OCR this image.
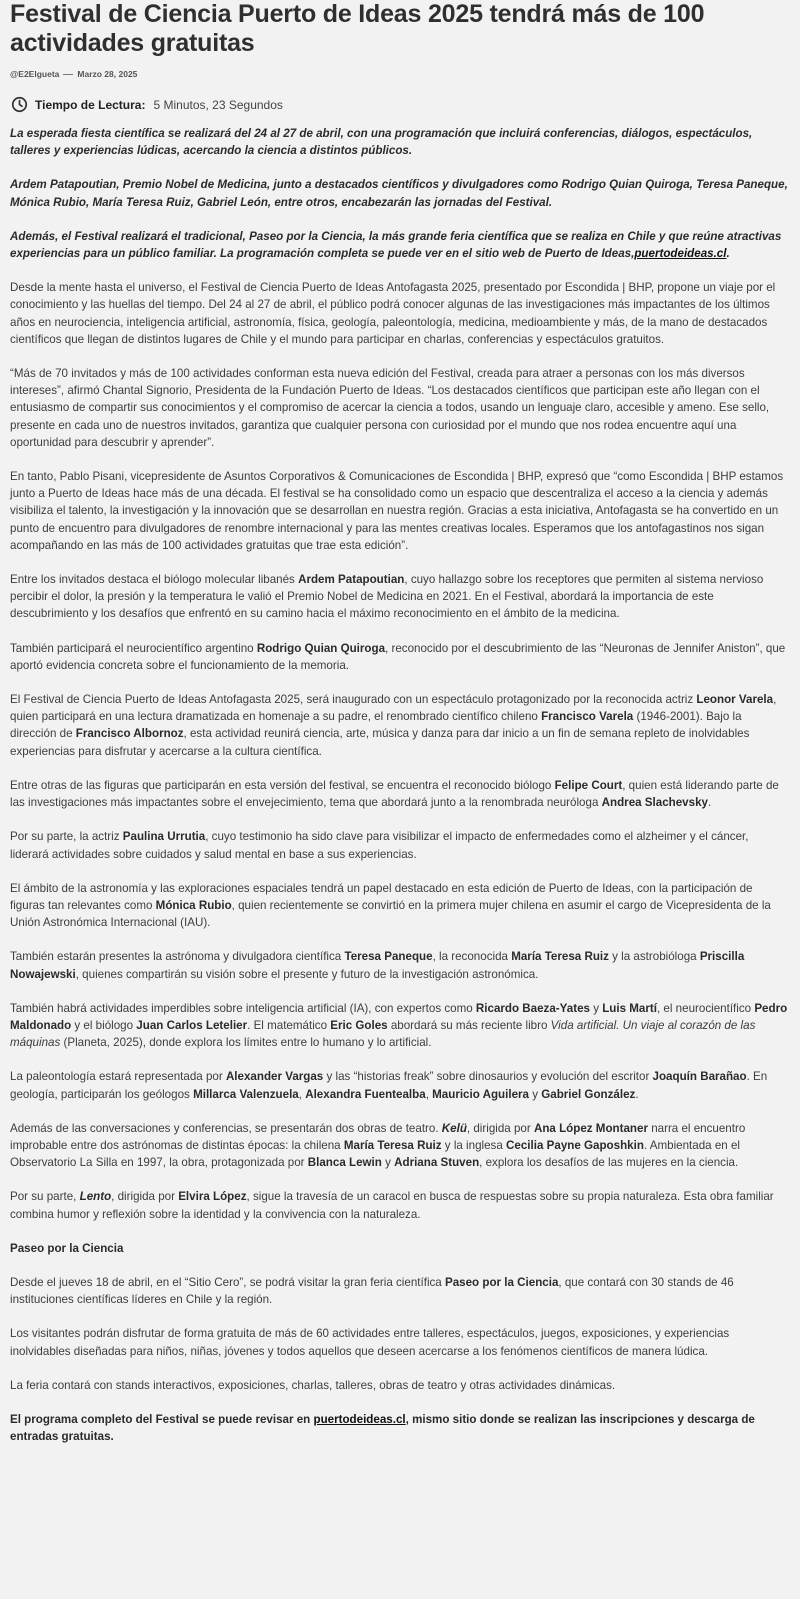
Festival de Ciencia Puerto de Ideas 2025 tendrá más de 100 actividades gratuitas
@E2Elgueta Marzo 28, 2025
Tiempo de Lectura: 5 Minutos, 23 Segundos

La esperada fiesta científica se realizará del 24 al 27 de abril, con una programación que incluirá conferencias, diálogos, espectáculos, talleres y experiencias lúdicas, acercando la ciencia a distintos públicos.

Ardem Patapoutian, Premio Nobel de Medicina, junto a destacados científicos y divulgadores como Rodrigo Quian Quiroga, Teresa Paneque, Mónica Rubio, María Teresa Ruiz, Gabriel León, entre otros, encabezarán las jornadas del Festival.

Además, el Festival realizará el tradicional, Paseo por la Ciencia, la más grande feria científica que se realiza en Chile y que reúne atractivas experiencias para un público familiar. La programación completa se puede ver en el sitio web de Puerto de Ideas,puertodeideas.cl.

Desde la mente hasta el universo, el Festival de Ciencia Puerto de Ideas Antofagasta 2025, presentado por Escondida | BHP, propone un viaje por el conocimiento y las huellas del tiempo. Del 24 al 27 de abril, el público podrá conocer algunas de las investigaciones más impactantes de los últimos años en neurociencia, inteligencia artificial, astronomía, física, geología, paleontología, medicina, medioambiente y más, de la mano de destacados científicos que llegan de distintos lugares de Chile y el mundo para participar en charlas, conferencias y espectáculos gratuitos.

“Más de 70 invitados y más de 100 actividades conforman esta nueva edición del Festival, creada para atraer a personas con los más diversos intereses”, afirmó Chantal Signorio, Presidenta de la Fundación Puerto de Ideas. “Los destacados científicos que participan este año llegan con el entusiasmo de compartir sus conocimientos y el compromiso de acercar la ciencia a todos, usando un lenguaje claro, accesible y ameno. Ese sello, presente en cada uno de nuestros invitados, garantiza que cualquier persona con curiosidad por el mundo que nos rodea encuentre aquí una oportunidad para descubrir y aprender”.

En tanto, Pablo Pisani, vicepresidente de Asuntos Corporativos & Comunicaciones de Escondida | BHP, expresó que “como Escondida | BHP estamos junto a Puerto de Ideas hace más de una década. El festival se ha consolidado como un espacio que descentraliza el acceso a la ciencia y además visibiliza el talento, la investigación y la innovación que se desarrollan en nuestra región. Gracias a esta iniciativa, Antofagasta se ha convertido en un punto de encuentro para divulgadores de renombre internacional y para las mentes creativas locales. Esperamos que los antofagastinos nos sigan acompañando en las más de 100 actividades gratuitas que trae esta edición”.

Entre los invitados destaca el biólogo molecular libanés Ardem Patapoutian, cuyo hallazgo sobre los receptores que permiten al sistema nervioso percibir el dolor, la presión y la temperatura le valió el Premio Nobel de Medicina en 2021. En el Festival, abordará la importancia de este descubrimiento y los desafíos que enfrentó en su camino hacia el máximo reconocimiento en el ámbito de la medicina.

También participará el neurocientífico argentino Rodrigo Quian Quiroga, reconocido por el descubrimiento de las “Neuronas de Jennifer Aniston”, que aportó evidencia concreta sobre el funcionamiento de la memoria.

El Festival de Ciencia Puerto de Ideas Antofagasta 2025, será inaugurado con un espectáculo protagonizado por la reconocida actriz Leonor Varela, quien participará en una lectura dramatizada en homenaje a su padre, el renombrado científico chileno Francisco Varela (1946-2001). Bajo la dirección de Francisco Albornoz, esta actividad reunirá ciencia, arte, música y danza para dar inicio a un fin de semana repleto de inolvidables experiencias para disfrutar y acercarse a la cultura científica.

Entre otras de las figuras que participarán en esta versión del festival, se encuentra el reconocido biólogo Felipe Court, quien está liderando parte de las investigaciones más impactantes sobre el envejecimiento, tema que abordará junto a la renombrada neuróloga Andrea Slachevsky.

Por su parte, la actriz Paulina Urrutia, cuyo testimonio ha sido clave para visibilizar el impacto de enfermedades como el alzheimer y el cáncer, liderará actividades sobre cuidados y salud mental en base a sus experiencias.

El ámbito de la astronomía y las exploraciones espaciales tendrá un papel destacado en esta edición de Puerto de Ideas, con la participación de figuras tan relevantes como Mónica Rubio, quien recientemente se convirtió en la primera mujer chilena en asumir el cargo de Vicepresidenta de la Unión Astronómica Internacional (IAU).

También estarán presentes la astrónoma y divulgadora científica Teresa Paneque, la reconocida María Teresa Ruiz y la astrobióloga Priscilla Nowajewski, quienes compartirán su visión sobre el presente y futuro de la investigación astronómica.

También habrá actividades imperdibles sobre inteligencia artificial (IA), con expertos como Ricardo Baeza-Yates y Luis Martí, el neurocientífico Pedro Maldonado y el biólogo Juan Carlos Letelier. El matemático Eric Goles abordará su más reciente libro Vida artificial. Un viaje al corazón de las máquinas (Planeta, 2025), donde explora los límites entre lo humano y lo artificial.

La paleontología estará representada por Alexander Vargas y las “historias freak” sobre dinosaurios y evolución del escritor Joaquín Barañao. En geología, participarán los geólogos Millarca Valenzuela, Alexandra Fuentealba, Mauricio Aguilera y Gabriel González.

Además de las conversaciones y conferencias, se presentarán dos obras de teatro. Kelü, dirigida por Ana López Montaner narra el encuentro improbable entre dos astrónomas de distintas épocas: la chilena María Teresa Ruiz y la inglesa Cecilia Payne Gaposhkin. Ambientada en el Observatorio La Silla en 1997, la obra, protagonizada por Blanca Lewin y Adriana Stuven, explora los desafíos de las mujeres en la ciencia.

Por su parte, Lento, dirigida por Elvira López, sigue la travesía de un caracol en busca de respuestas sobre su propia naturaleza. Esta obra familiar combina humor y reflexión sobre la identidad y la convivencia con la naturaleza.

Paseo por la Ciencia

Desde el jueves 18 de abril, en el “Sitio Cero”, se podrá visitar la gran feria científica Paseo por la Ciencia, que contará con 30 stands de 46 instituciones científicas líderes en Chile y la región.

Los visitantes podrán disfrutar de forma gratuita de más de 60 actividades entre talleres, espectáculos, juegos, exposiciones, y experiencias inolvidables diseñadas para niños, niñas, jóvenes y todos aquellos que deseen acercarse a los fenómenos científicos de manera lúdica.

La feria contará con stands interactivos, exposiciones, charlas, talleres, obras de teatro y otras actividades dinámicas.

El programa completo del Festival se puede revisar en puertodeideas.cl, mismo sitio donde se realizan las inscripciones y descarga de entradas gratuitas.
